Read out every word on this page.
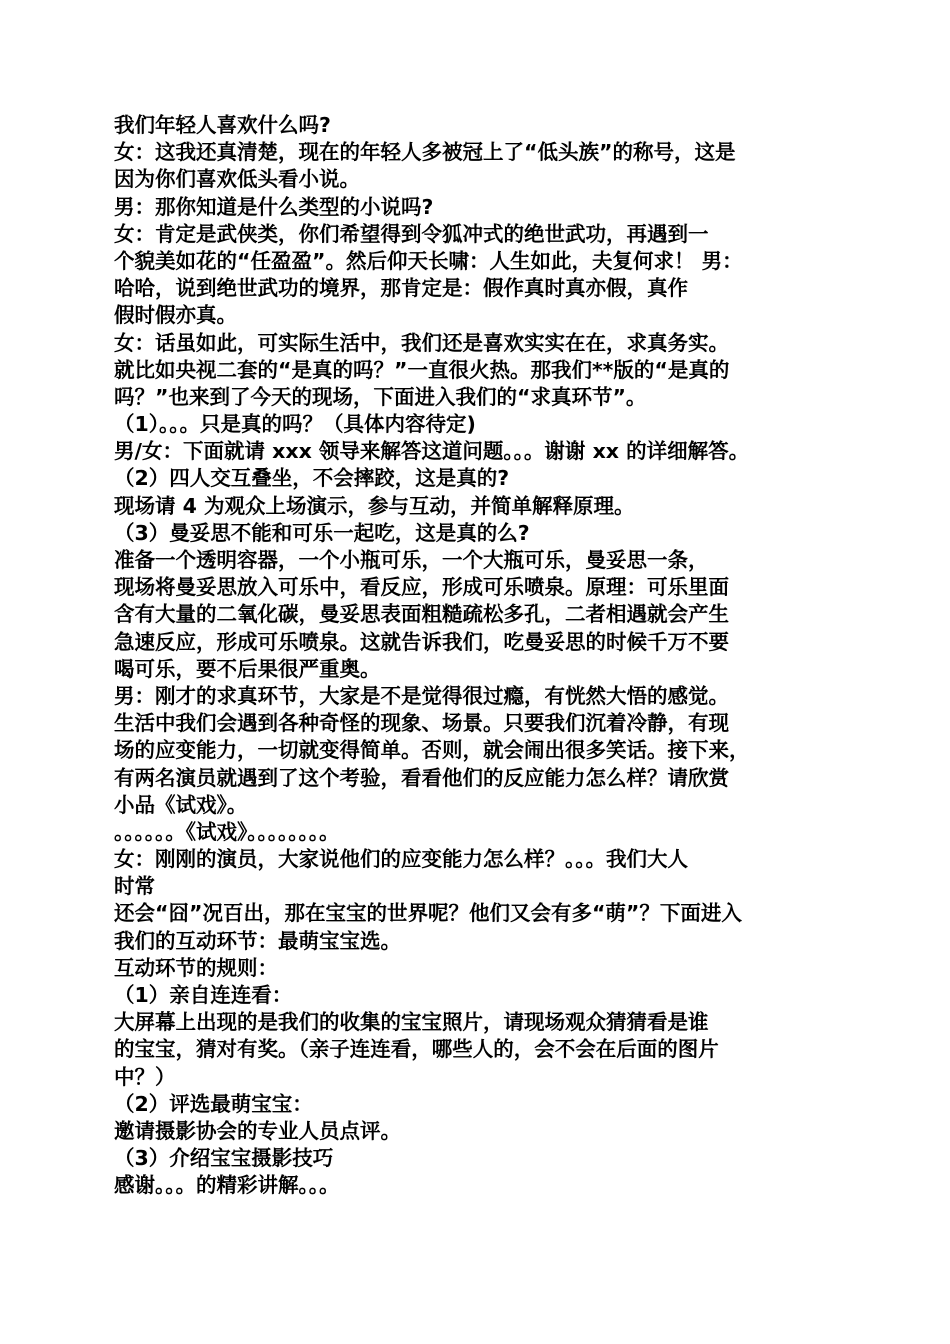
我们年轻人喜欢什么吗?
女：这我还真清楚，现在的年轻人多被冠上了“低头族”的称号，这是
因为你们喜欢低头看小说。
男：那你知道是什么类型的小说吗?
女：肯定是武侠类，你们希望得到令狐冲式的绝世武功，再遇到一
个貌美如花的“任盈盈”。然后仰天长啸：人生如此，夫复何求！ 男：
哈哈，说到绝世武功的境界，那肯定是：假作真时真亦假，真作
假时假亦真。
女：话虽如此，可实际生活中，我们还是喜欢实实在在，求真务实。
就比如央视二套的“是真的吗？”一直很火热。那我们**版的“是真的
吗？”也来到了今天的现场，下面进入我们的“求真环节”。
（1）。。。只是真的吗？（具体内容待定)
男/女：下面就请 xxx 领导来解答这道问题。。。谢谢 xx 的详细解答。
（2）四人交互叠坐，不会摔跤，这是真的?
现场请 4 为观众上场演示，参与互动，并简单解释原理。
（3）曼妥思不能和可乐一起吃，这是真的么?
准备一个透明容器，一个小瓶可乐，一个大瓶可乐，曼妥思一条，
现场将曼妥思放入可乐中，看反应，形成可乐喷泉。原理：可乐里面
含有大量的二氧化碳，曼妥思表面粗糙疏松多孔，二者相遇就会产生
急速反应，形成可乐喷泉。这就告诉我们，吃曼妥思的时候千万不要
喝可乐，要不后果很严重奥。
男：刚才的求真环节，大家是不是觉得很过瘾，有恍然大悟的感觉。
生活中我们会遇到各种奇怪的现象、场景。只要我们沉着冷静，有现
场的应变能力，一切就变得简单。否则，就会闹出很多笑话。接下来，
有两名演员就遇到了这个考验，看看他们的反应能力怎么样？请欣赏
小品《试戏》。
。。。。。。《试戏》。。。。。。。。
女：刚刚的演员，大家说他们的应变能力怎么样？。。。我们大人
时常
还会“囧”况百出，那在宝宝的世界呢？他们又会有多“萌”？下面进入
我们的互动环节：最萌宝宝选。
互动环节的规则：
（1）亲自连连看：
大屏幕上出现的是我们的收集的宝宝照片，请现场观众猜猜看是谁
的宝宝，猜对有奖。（亲子连连看，哪些人的，会不会在后面的图片
中？）
（2）评选最萌宝宝：
邀请摄影协会的专业人员点评。
（3）介绍宝宝摄影技巧
感谢。。。的精彩讲解。。。
